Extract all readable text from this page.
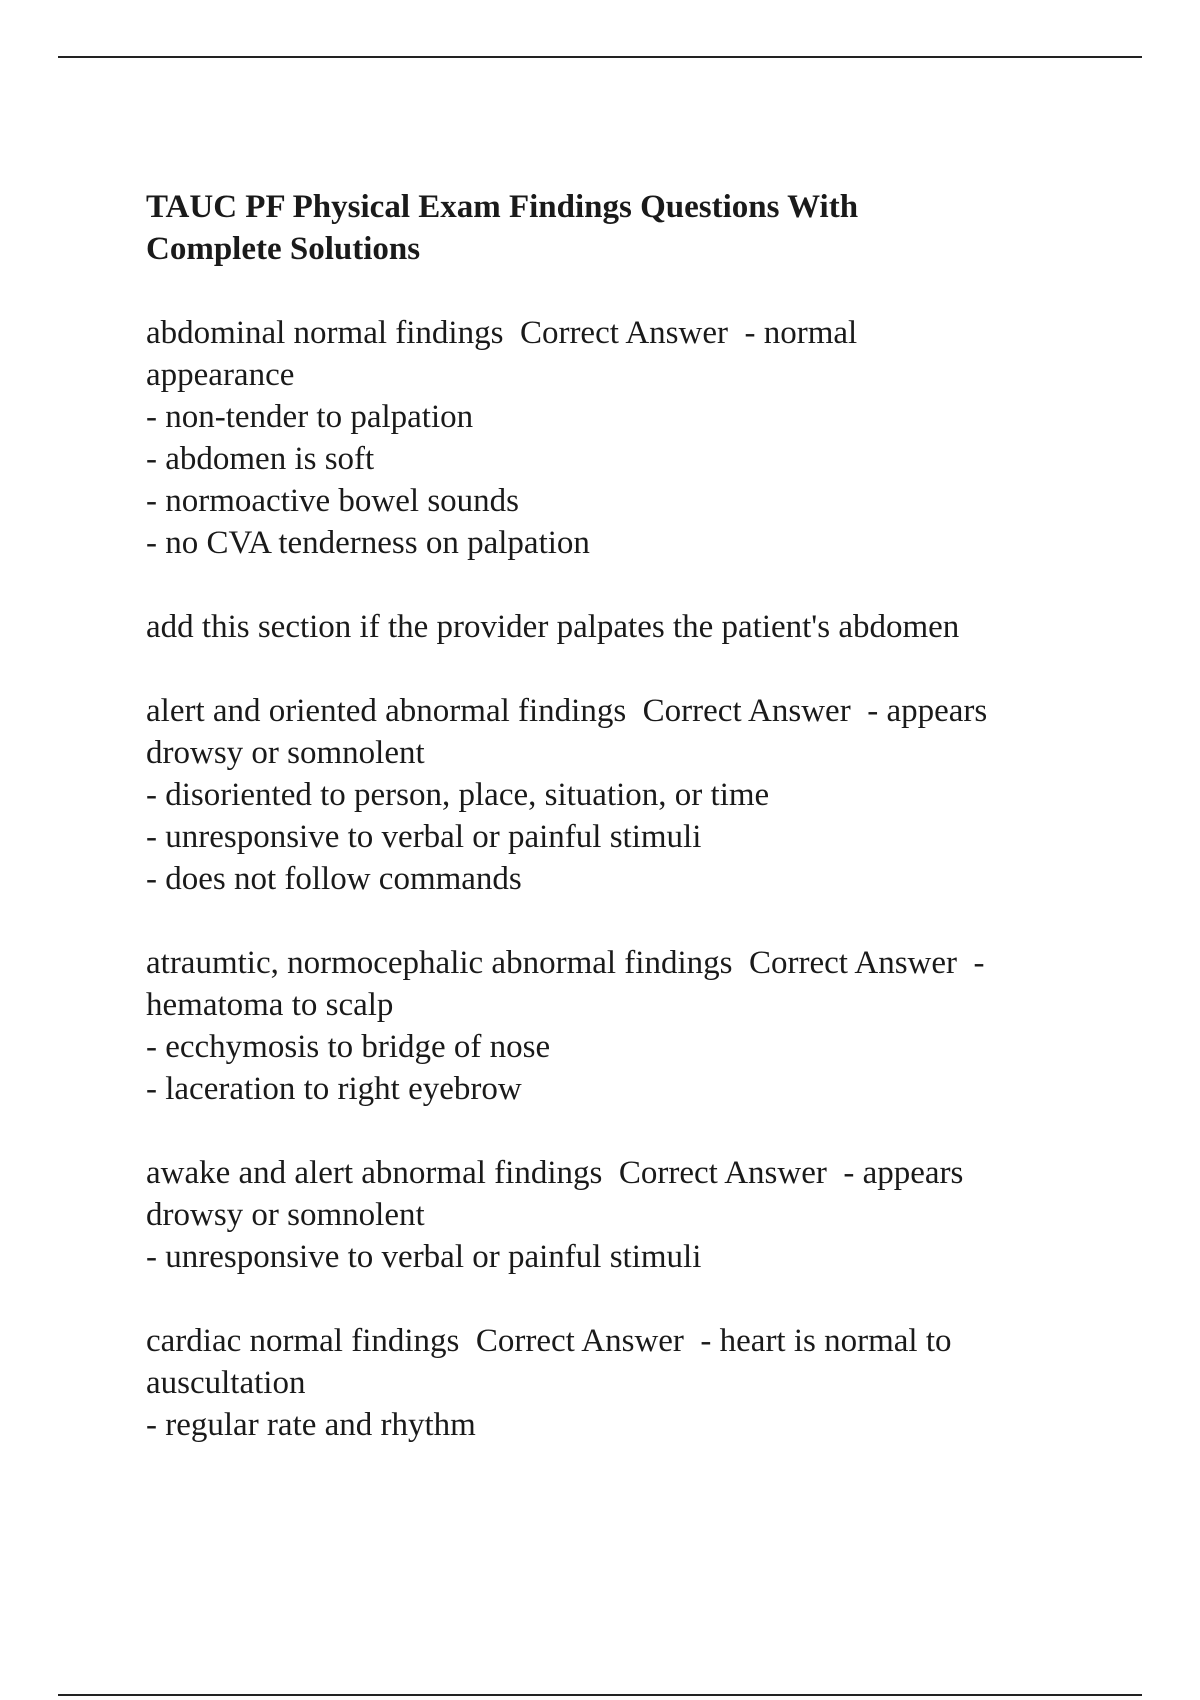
TAUC PF Physical Exam Findings Questions With
Complete Solutions
abdominal normal findings  Correct Answer  - normal
appearance
- non-tender to palpation
- abdomen is soft
- normoactive bowel sounds
- no CVA tenderness on palpation
add this section if the provider palpates the patient's abdomen
alert and oriented abnormal findings  Correct Answer  - appears
drowsy or somnolent
- disoriented to person, place, situation, or time
- unresponsive to verbal or painful stimuli
- does not follow commands
atraumtic, normocephalic abnormal findings  Correct Answer  -
hematoma to scalp
- ecchymosis to bridge of nose
- laceration to right eyebrow
awake and alert abnormal findings  Correct Answer  - appears
drowsy or somnolent
- unresponsive to verbal or painful stimuli
cardiac normal findings  Correct Answer  - heart is normal to
auscultation
- regular rate and rhythm
